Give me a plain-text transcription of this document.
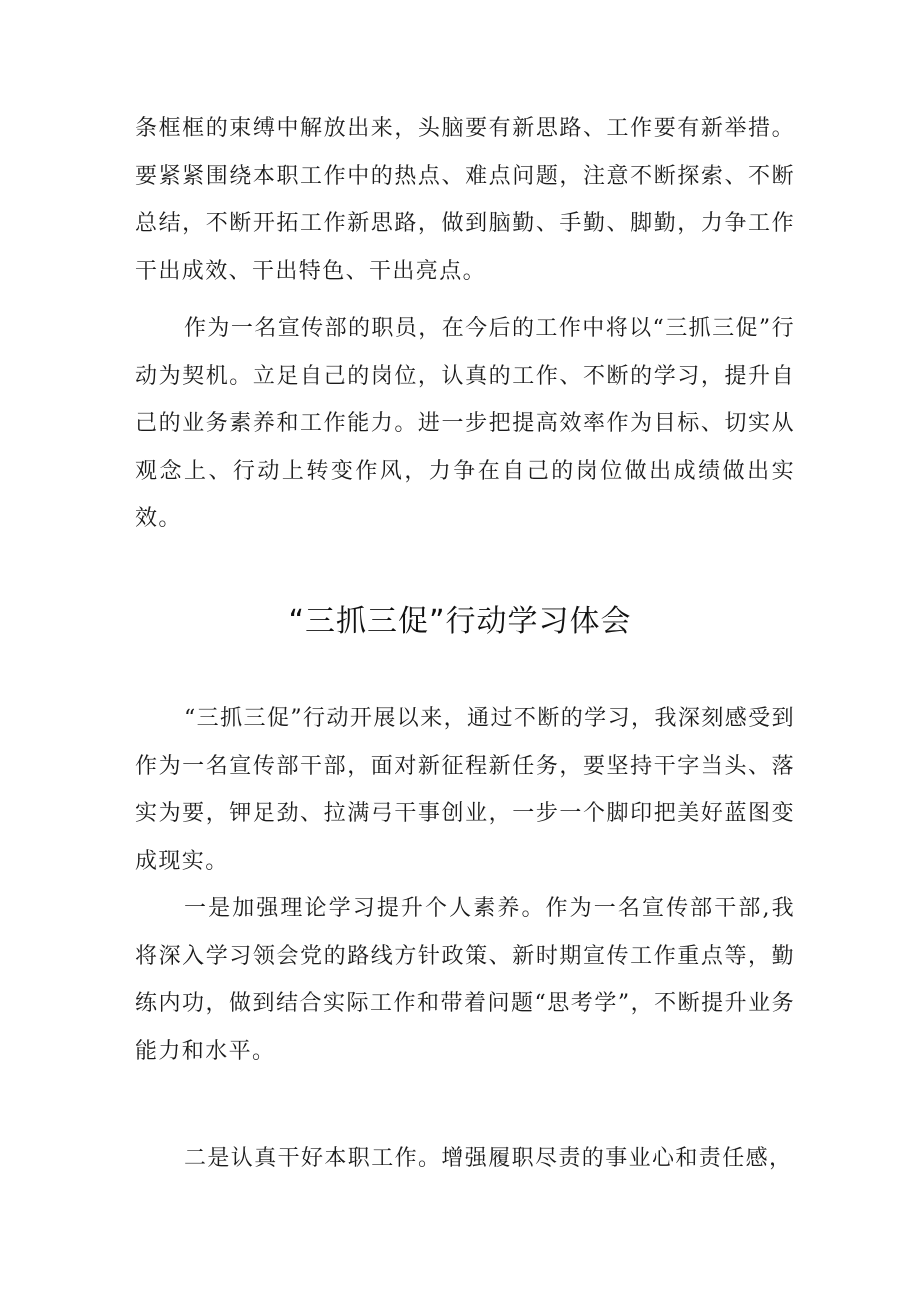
条框框的束缚中解放出来，头脑要有新思路、工作要有新举措。要紧紧围绕本职工作中的热点、难点问题，注意不断探索、不断总结，不断开拓工作新思路，做到脑勤、手勤、脚勤，力争工作干出成效、干出特色、干出亮点。

作为一名宣传部的职员，在今后的工作中将以“三抓三促”行动为契机。立足自己的岗位，认真的工作、不断的学习，提升自己的业务素养和工作能力。进一步把提高效率作为目标、切实从观念上、行动上转变作风，力争在自己的岗位做出成绩做出实效。

“三抓三促”行动学习体会

“三抓三促”行动开展以来，通过不断的学习，我深刻感受到作为一名宣传部干部，面对新征程新任务，要坚持干字当头、落实为要，钾足劲、拉满弓干事创业，一步一个脚印把美好蓝图变成现实。

一是加强理论学习提升个人素养。作为一名宣传部干部,我将深入学习领会党的路线方针政策、新时期宣传工作重点等，勤练内功，做到结合实际工作和带着问题“思考学”，不断提升业务能力和水平。

二是认真干好本职工作。增强履职尽责的事业心和责任感，
